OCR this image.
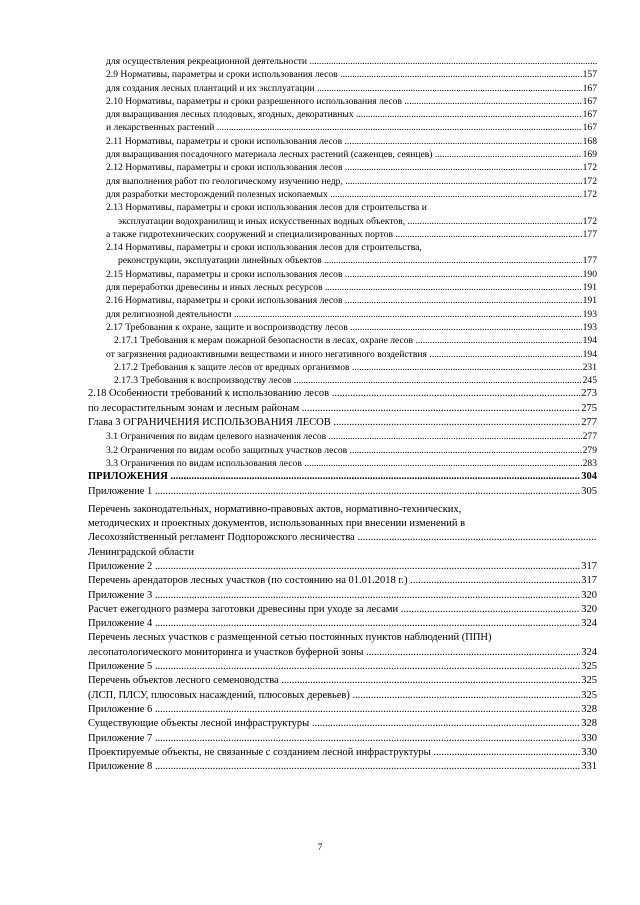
для осуществления рекреационной деятельности .....
2.9 Нормативы, параметры и сроки использования лесов .....	157
для создания лесных плантаций и их эксплуатации .....	167
2.10 Нормативы, параметры и сроки разрешенного использования лесов .....	167
для выращивания лесных плодовых, ягодных, декоративных .....	167
и лекарственных растений .....	167
2.11 Нормативы, параметры и сроки использования лесов .....	168
для выращивания посадочного материала лесных растений (саженцев, сеянцев) .....	169
2.12 Нормативы, параметры и сроки использования лесов .....	172
для выполнения работ по геологическому изучению недр, .....	172
для разработки месторождений полезных ископаемых .....	172
2.13 Нормативы, параметры и сроки использования лесов для строительства и
эксплуатации водохранилищ и иных искусственных водных объектов, .....	172
а также гидротехнических сооружений и специализированных портов .....	177
2.14 Нормативы, параметры и сроки использования лесов для строительства,
реконструкции, эксплуатации линейных объектов .....	177
2.15 Нормативы, параметры и сроки использования лесов .....	190
для переработки древесины и иных лесных ресурсов .....	191
2.16 Нормативы, параметры и сроки использования лесов .....	191
для религиозной деятельности .....	193
2.17 Требования к охране, защите и воспроизводству лесов .....	193
2.17.1 Требования к мерам пожарной безопасности в лесах, охране лесов .....	194
от загрязнения радиоактивными веществами и иного негативного воздействия .....	194
2.17.2 Требования к защите лесов от вредных организмов .....	231
2.17.3 Требования к воспроизводству лесов .....	245
2.18 Особенности требований к использованию лесов .....	273
по лесорастительным зонам и лесным районам .....	275
Глава 3 ОГРАНИЧЕНИЯ ИСПОЛЬЗОВАНИЯ ЛЕСОВ .....	277
3.1 Ограничения по видам целевого назначения лесов .....	277
3.2 Ограничения по видам особо защитных участков лесов .....	279
3.3 Ограничения по видам использования лесов .....	283
ПРИЛОЖЕНИЯ .....	304
Приложение 1 .....	305
Перечень законодательных, нормативно-правовых актов, нормативно-технических,
методических и проектных документов, использованных при внесении изменений в
Лесохозяйственный регламент Подпорожского лесничества .....
Ленинградской области
Приложение 2 .....	317
Перечень арендаторов лесных участков (по состоянию на 01.01.2018 г.) .....	317
Приложение 3 .....	320
Расчет ежегодного размера заготовки древесины при уходе за лесами .....	320
Приложение 4 .....	324
Перечень лесных участков с размещенной сетью постоянных пунктов наблюдений (ППН)
лесопатологического мониторинга и участков буферной зоны .....	324
Приложение 5 .....	325
Перечень объектов лесного семеноводства .....	325
(ЛСП, ПЛСУ, плюсовых насаждений, плюсовых деревьев) .....	325
Приложение 6 .....	328
Существующие объекты лесной инфраструктуры .....	328
Приложение 7 .....	330
Проектируемые объекты, не связанные с созданием лесной инфраструктуры .....	330
Приложение 8 .....	331
7
